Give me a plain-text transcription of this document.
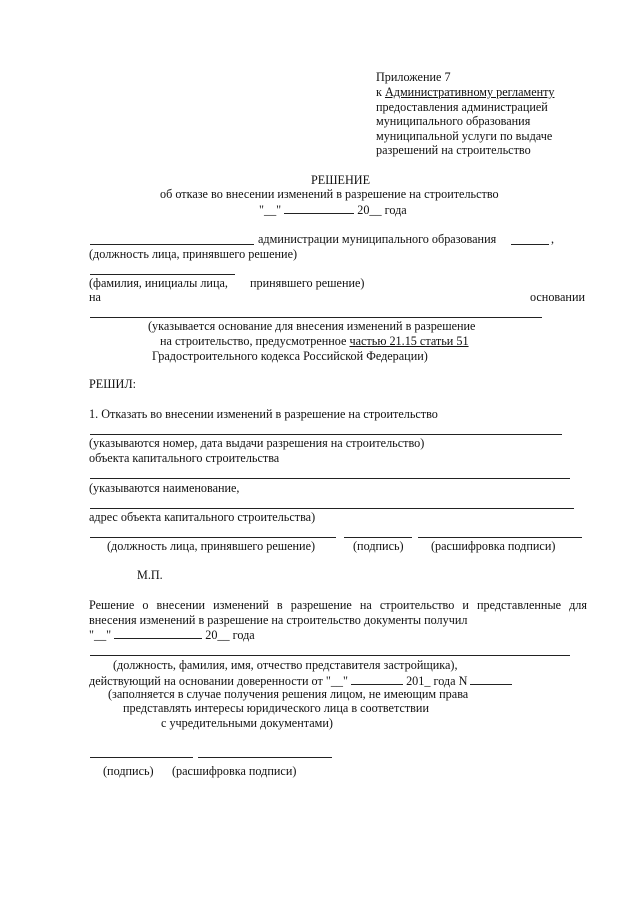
Приложение 7
к Административному регламенту
предоставления администрацией
муниципального образования
муниципальной услуги по выдаче
разрешений на строительство
РЕШЕНИЕ
об отказе во внесении изменений в разрешение на строительство
"__"	20__ года
администрации муниципального образования	,
(должность лица, принявшего решение)
(фамилия, инициалы лица, принявшего решение)
на	основании
(указывается основание для внесения изменений в разрешение
на строительство, предусмотренное частью 21.15 статьи 51
Градостроительного кодекса Российской Федерации)
РЕШИЛ:
1. Отказать во внесении изменений в разрешение на строительство
(указываются номер, дата выдачи разрешения на строительство)
объекта капитального строительства
(указываются наименование,
адрес объекта капитального строительства)
(должность лица, принявшего решение)	(подпись) (расшифровка подписи)
М.П.
Решение о внесении изменений в разрешение на строительство и представленные для
внесения изменений в разрешение на строительство документы получил
"__"	20__ года
(должность, фамилия, имя, отчество представителя застройщика),
действующий на основании доверенности от "__"	201_ года N
(заполняется в случае получения решения лицом, не имеющим права
представлять интересы юридического лица в соответствии
с учредительными документами)
(подпись) (расшифровка подписи)
